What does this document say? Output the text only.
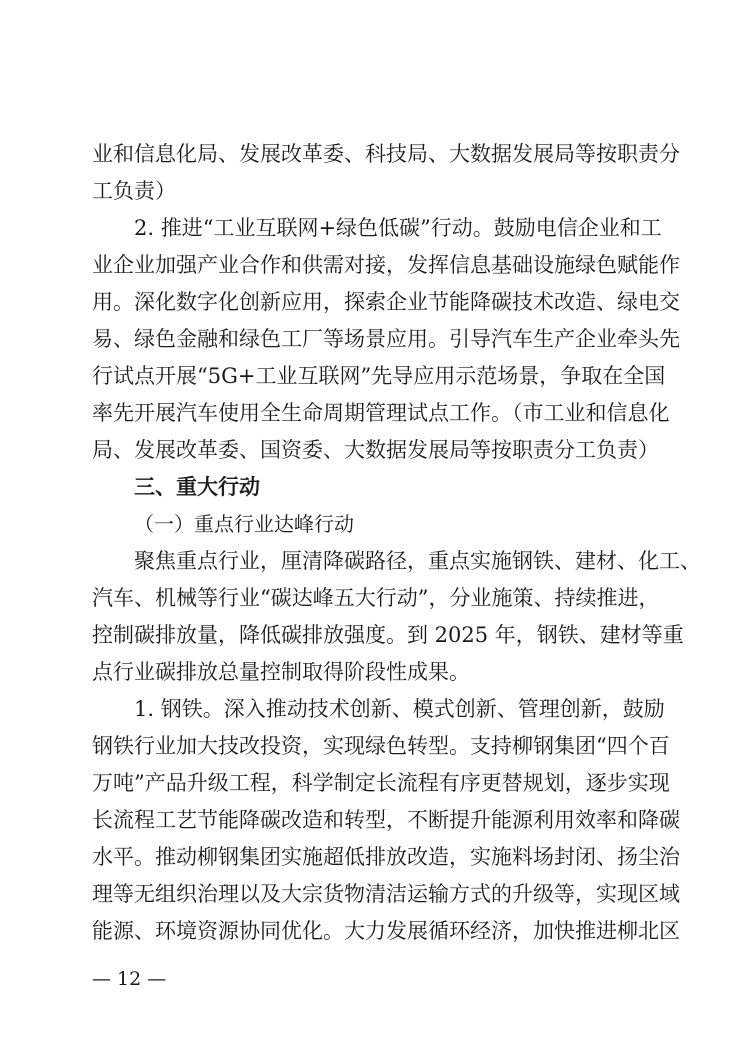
业和信息化局、发展改革委、科技局、大数据发展局等按职责分
工负责）
2. 推进“工业互联网+绿色低碳”行动。鼓励电信企业和工
业企业加强产业合作和供需对接，发挥信息基础设施绿色赋能作
用。深化数字化创新应用，探索企业节能降碳技术改造、绿电交
易、绿色金融和绿色工厂等场景应用。引导汽车生产企业牵头先
行试点开展“5G+工业互联网”先导应用示范场景，争取在全国
率先开展汽车使用全生命周期管理试点工作。（市工业和信息化
局、发展改革委、国资委、大数据发展局等按职责分工负责）
三、重大行动
（一）重点行业达峰行动
聚焦重点行业，厘清降碳路径，重点实施钢铁、建材、化工、
汽车、机械等行业“碳达峰五大行动”，分业施策、持续推进，
控制碳排放量，降低碳排放强度。到 2025 年，钢铁、建材等重
点行业碳排放总量控制取得阶段性成果。
1. 钢铁。深入推动技术创新、模式创新、管理创新，鼓励
钢铁行业加大技改投资，实现绿色转型。支持柳钢集团“四个百
万吨”产品升级工程，科学制定长流程有序更替规划，逐步实现
长流程工艺节能降碳改造和转型，不断提升能源利用效率和降碳
水平。推动柳钢集团实施超低排放改造，实施料场封闭、扬尘治
理等无组织治理以及大宗货物清洁运输方式的升级等，实现区域
能源、环境资源协同优化。大力发展循环经济，加快推进柳北区
— 12 —
